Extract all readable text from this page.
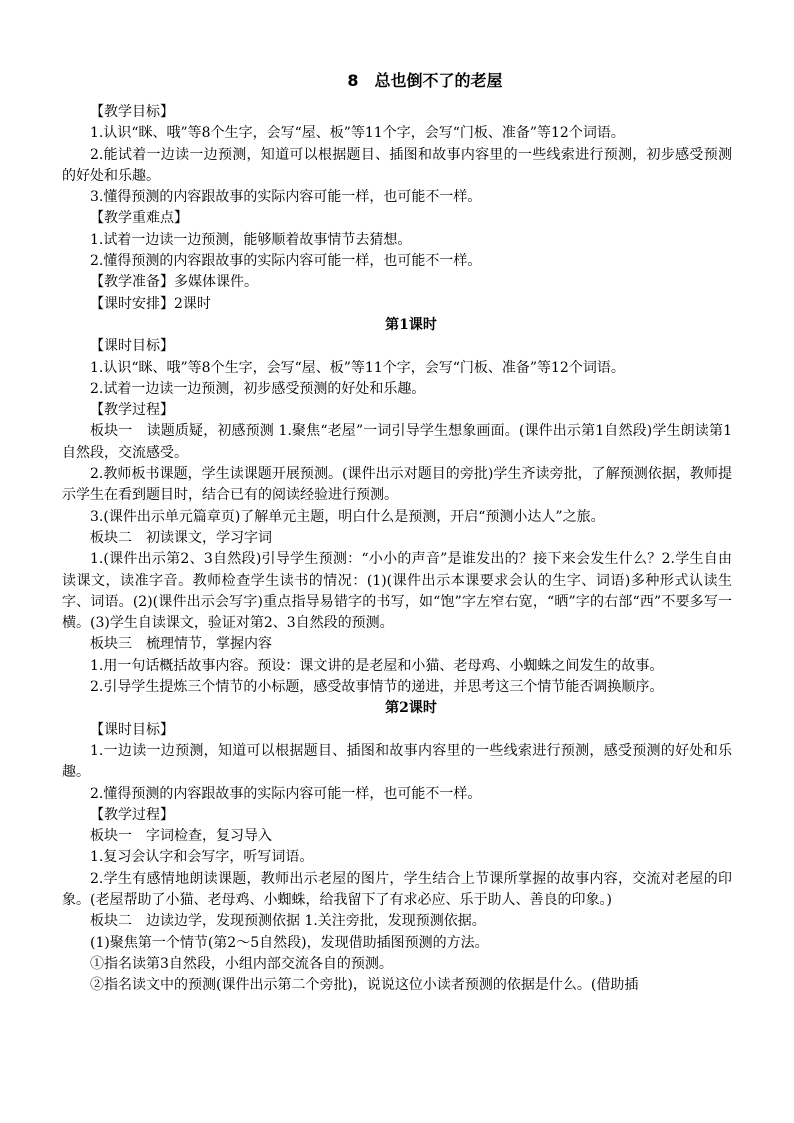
8　总也倒不了的老屋
【教学目标】
1.认识“眯、哦”等8个生字，会写“屋、板”等11个字，会写“门板、准备”等12个词语。
2.能试着一边读一边预测，知道可以根据题目、插图和故事内容里的一些线索进行预测，初步感受预测的好处和乐趣。
3.懂得预测的内容跟故事的实际内容可能一样，也可能不一样。
【教学重难点】
1.试着一边读一边预测，能够顺着故事情节去猜想。
2.懂得预测的内容跟故事的实际内容可能一样，也可能不一样。
【教学准备】多媒体课件。
【课时安排】2课时
第1课时
【课时目标】
1.认识“眯、哦”等8个生字，会写“屋、板”等11个字，会写“门板、准备”等12个词语。
2.试着一边读一边预测，初步感受预测的好处和乐趣。
【教学过程】
板块一　读题质疑，初感预测 1.聚焦“老屋”一词引导学生想象画面。(课件出示第1自然段)学生朗读第1自然段，交流感受。
2.教师板书课题，学生读课题开展预测。(课件出示对题目的旁批)学生齐读旁批，了解预测依据，教师提示学生在看到题目时，结合已有的阅读经验进行预测。
3.(课件出示单元篇章页)了解单元主题，明白什么是预测，开启“预测小达人”之旅。
板块二　初读课文，学习字词
1.(课件出示第2、3自然段)引导学生预测：“小小的声音”是谁发出的？接下来会发生什么？2.学生自由读课文，读准字音。教师检查学生读书的情况：(1)(课件出示本课要求会认的生字、词语)多种形式认读生字、词语。(2)(课件出示会写字)重点指导易错字的书写，如“饱”字左窄右宽，“晒”字的右部“西”不要多写一横。(3)学生自读课文，验证对第2、3自然段的预测。
板块三　梳理情节，掌握内容
1.用一句话概括故事内容。预设：课文讲的是老屋和小猫、老母鸡、小蜘蛛之间发生的故事。
2.引导学生提炼三个情节的小标题，感受故事情节的递进，并思考这三个情节能否调换顺序。
第2课时
【课时目标】
1.一边读一边预测，知道可以根据题目、插图和故事内容里的一些线索进行预测，感受预测的好处和乐趣。
2.懂得预测的内容跟故事的实际内容可能一样，也可能不一样。
【教学过程】
板块一　字词检查，复习导入
1.复习会认字和会写字，听写词语。
2.学生有感情地朗读课题，教师出示老屋的图片，学生结合上节课所掌握的故事内容，交流对老屋的印象。(老屋帮助了小猫、老母鸡、小蜘蛛，给我留下了有求必应、乐于助人、善良的印象。)
板块二　边读边学，发现预测依据 1.关注旁批，发现预测依据。
(1)聚焦第一个情节(第2～5自然段)，发现借助插图预测的方法。
①指名读第3自然段，小组内部交流各自的预测。
②指名读文中的预测(课件出示第二个旁批)，说说这位小读者预测的依据是什么。(借助插
